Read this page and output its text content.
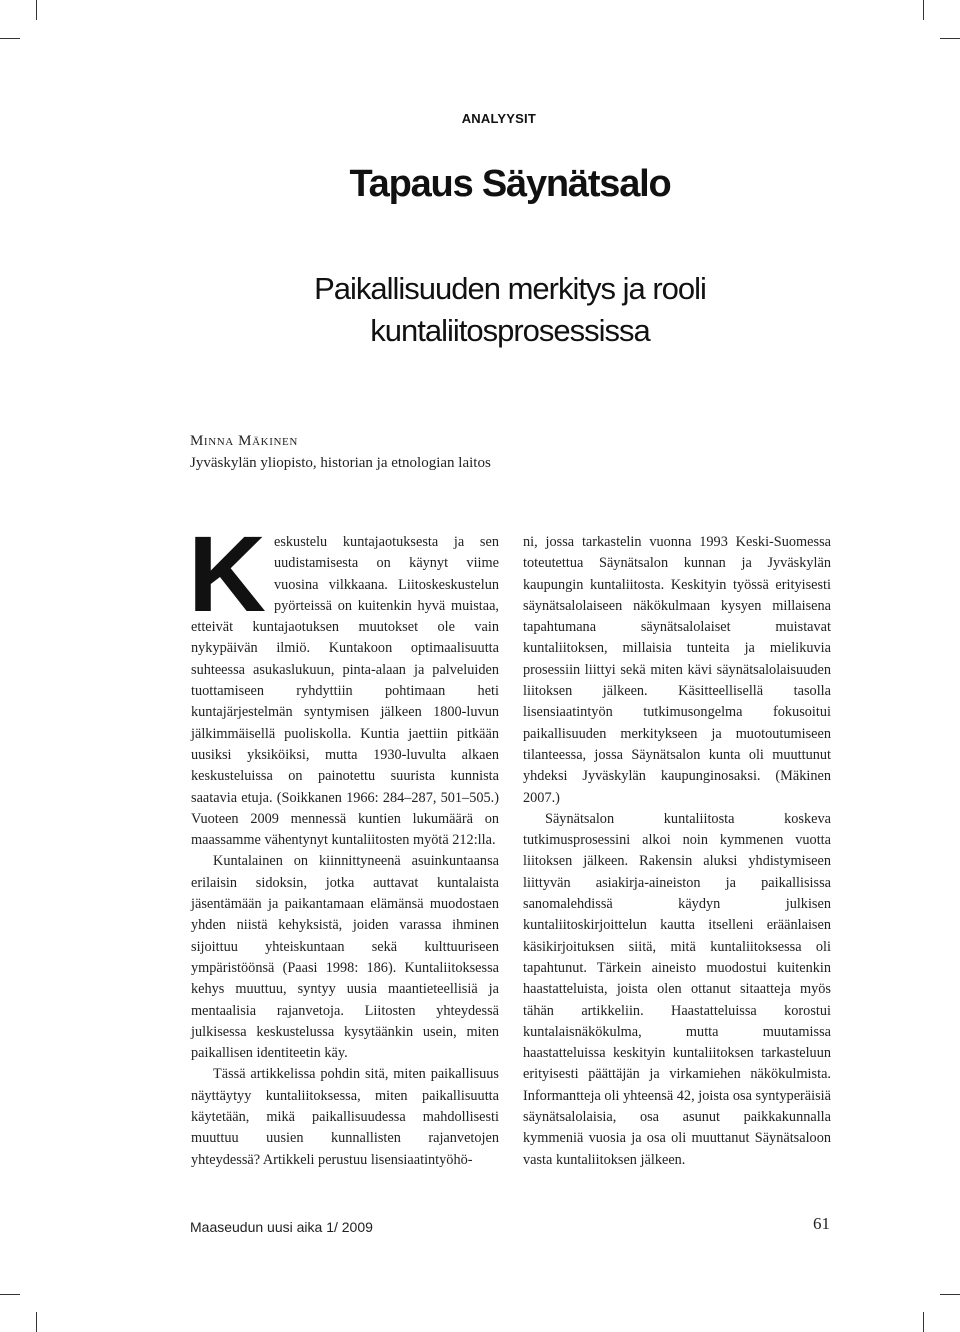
ANALYYSIT
Tapaus Säynätsalo
Paikallisuuden merkitys ja rooli
kuntaliitosprosessissa
Minna Mäkinen
Jyväskylän yliopisto, historian ja etnologian laitos

Keskustelu kuntajaotuksesta ja sen uudistamisesta on käynyt viime vuosina vilkkaana. Liitoskeskustelun pyörteissä on kuitenkin hyvä muistaa, etteivät kuntajaotuksen muutokset ole vain nykypäivän ilmiö. Kuntakoon optimaalisuutta suhteessa asukaslukuun, pinta-alaan ja palveluiden tuottamiseen ryhdyttiin pohtimaan heti kuntajärjestelmän syntymisen jälkeen 1800-luvun jälkimmäisellä puoliskolla. Kuntia jaettiin pitkään uusiksi yksiköiksi, mutta 1930-luvulta alkaen keskusteluissa on painotettu suurista kunnista saatavia etuja. (Soikkanen 1966: 284–287, 501–505.) Vuoteen 2009 mennessä kuntien lukumäärä on maassamme vähentynyt kuntaliitosten myötä 212:lla.

Kuntalainen on kiinnittyneenä asuinkuntaansa erilaisin sidoksin, jotka auttavat kuntalaista jäsentämään ja paikantamaan elämänsä muodostaen yhden niistä kehyksistä, joiden varassa ihminen sijoittuu yhteiskuntaan sekä kulttuuriseen ympäristöönsä (Paasi 1998: 186). Kuntaliitoksessa kehys muuttuu, syntyy uusia maantieteellisiä ja mentaalisia rajanvetoja. Liitosten yhteydessä julkisessa keskustelussa kysytäänkin usein, miten paikallisen identiteetin käy.

Tässä artikkelissa pohdin sitä, miten paikallisuus näyttäytyy kuntaliitoksessa, miten paikallisuutta käytetään, mikä paikallisuudessa mahdollisesti muuttuu uusien kunnallisten rajanvetojen yhteydessä? Artikkeli perustuu lisensiaatintyöhö-

ni, jossa tarkastelin vuonna 1993 Keski-Suomessa toteutettua Säynätsalon kunnan ja Jyväskylän kaupungin kuntaliitosta. Keskityin työssä erityisesti säynätsalolaiseen näkökulmaan kysyen millaisena tapahtumana säynätsalolaiset muistavat kuntaliitoksen, millaisia tunteita ja mielikuvia prosessiin liittyi sekä miten kävi säynätsalolaisuuden liitoksen jälkeen. Käsitteellisellä tasolla lisensiaatintyön tutkimusongelma fokusoitui paikallisuuden merkitykseen ja muotoutumiseen tilanteessa, jossa Säynätsalon kunta oli muuttunut yhdeksi Jyväskylän kaupunginosaksi. (Mäkinen 2007.)

Säynätsalon kuntaliitosta koskeva tutkimusprosessini alkoi noin kymmenen vuotta liitoksen jälkeen. Rakensin aluksi yhdistymiseen liittyvän asiakirja-aineiston ja paikallisissa sanomalehdissä käydyn julkisen kuntaliitoskirjoittelun kautta itselleni eräänlaisen käsikirjoituksen siitä, mitä kuntaliitoksessa oli tapahtunut. Tärkein aineisto muodostui kuitenkin haastatteluista, joista olen ottanut sitaatteja myös tähän artikkeliin. Haastatteluissa korostui kuntalaisnäkökulma, mutta muutamissa haastatteluissa keskityin kuntaliitoksen tarkasteluun erityisesti päättäjän ja virkamiehen näkökulmista. Informantteja oli yhteensä 42, joista osa syntyperäisiä säynätsalolaisia, osa asunut paikkakunnalla kymmeniä vuosia ja osa oli muuttanut Säynätsaloon vasta kuntaliitoksen jälkeen.

Maaseudun uusi aika 1/ 2009	61
